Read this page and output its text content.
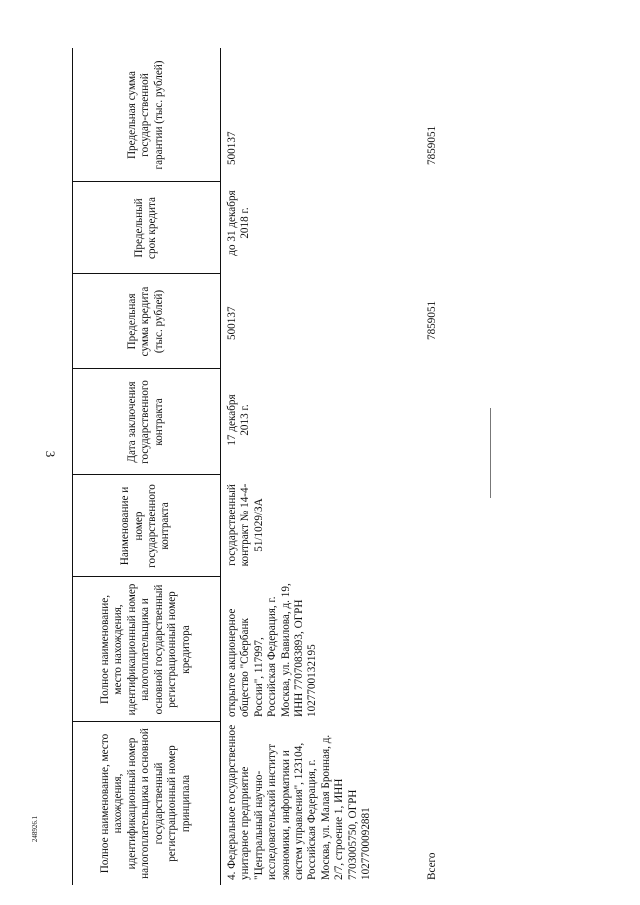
3
248926.1	Полное наименование, место нахождения, идентификационный номер налогоплательщика и основной государственный регистрационный номер принципала
Полное наименование, место нахождения, идентификационный номер налогоплательщика и основной государственный регистрационный номер кредитора
Наименование и номер государственного контракта
Дата заключения государственного контракта
Предельная сумма кредита (тыс. рублей)
Предельный срок кредита
Предельная сумма государ-ственной гарантии (тыс. рублей)
4. Федеральное государственное унитарное предприятие "Центральный научно-исследовательский институт экономики, информатики и систем управления", 123104, Российская Федерация, г. Москва, ул. Малая Бронная, д. 2/7, строение 1, ИНН 7703005750, ОГРН 1027700092881
открытое акционерное общество "Сбербанк России", 117997, Российская Федерация, г. Москва, ул. Вавилова, д. 19, ИНН 7707083893, ОГРН 1027700132195
государственный контракт № 14-4-51/1029/ЗА
17 декабря 2013 г.
500137
до 31 декабря 2018 г.
500137
Всего
7859051
7859051
